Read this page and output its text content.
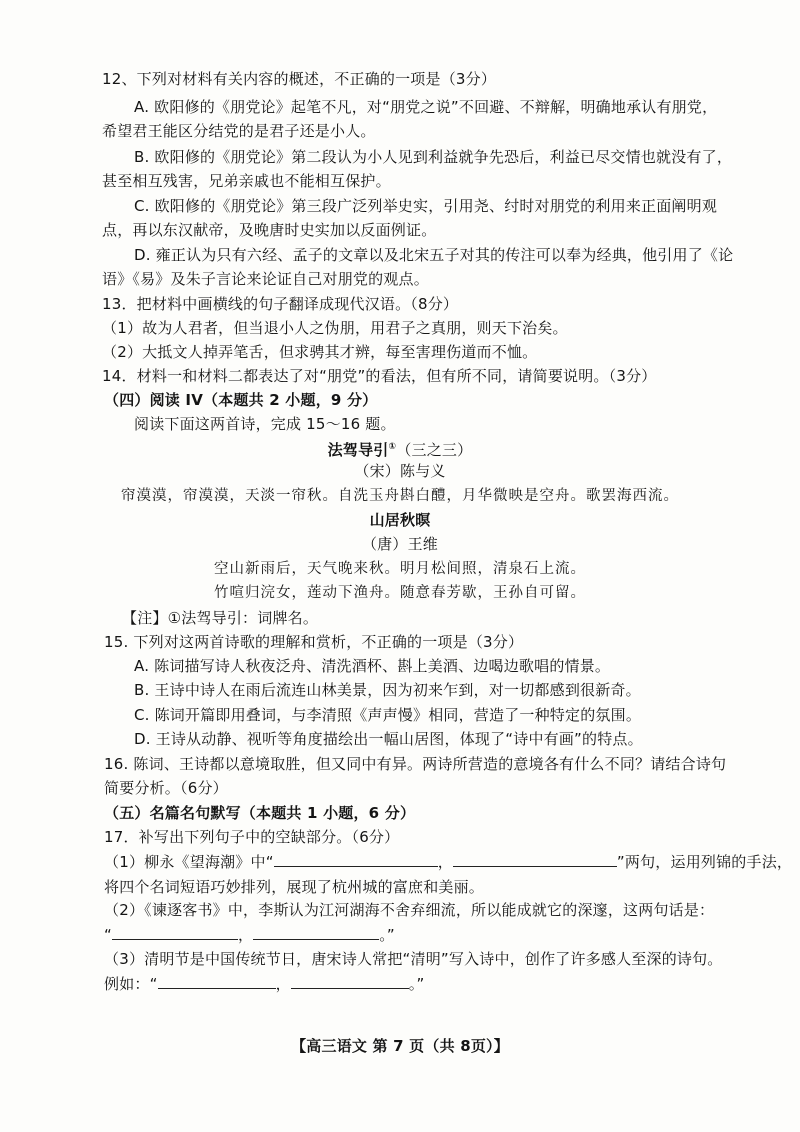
12、下列对材料有关内容的概述，不正确的一项是（3分）
A. 欧阳修的《朋党论》起笔不凡，对“朋党之说”不回避、不辩解，明确地承认有朋党，
希望君王能区分结党的是君子还是小人。
B. 欧阳修的《朋党论》第二段认为小人见到利益就争先恐后，利益已尽交情也就没有了，
甚至相互残害，兄弟亲戚也不能相互保护。
C. 欧阳修的《朋党论》第三段广泛列举史实，引用尧、纣时对朋党的利用来正面阐明观
点，再以东汉献帝，及晚唐时史实加以反面例证。
D. 雍正认为只有六经、孟子的文章以及北宋五子对其的传注可以奉为经典，他引用了《论
语》《易》及朱子言论来论证自己对朋党的观点。
13．把材料中画横线的句子翻译成现代汉语。（8分）
（1）故为人君者，但当退小人之伪朋，用君子之真朋，则天下治矣。
（2）大抵文人掉弄笔舌，但求骋其才辨，每至害理伤道而不恤。
14．材料一和材料二都表达了对“朋党”的看法，但有所不同，请简要说明。（3分）
（四）阅读 IV（本题共 2 小题，9 分）
阅读下面这两首诗，完成 15～16 题。
法驾导引①（三之三）
（宋）陈与义
帘漠漠，帘漠漠，天淡一帘秋。自洗玉舟斟白醴，月华微映是空舟。歌罢海西流。
山居秋暝
（唐）王维
空山新雨后，天气晚来秋。明月松间照，清泉石上流。
竹喧归浣女，莲动下渔舟。随意春芳歇，王孙自可留。
【注】①法驾导引：词牌名。
15. 下列对这两首诗歌的理解和赏析，不正确的一项是（3分）
A. 陈词描写诗人秋夜泛舟、清洗酒杯、斟上美酒、边喝边歌唱的情景。
B. 王诗中诗人在雨后流连山林美景，因为初来乍到，对一切都感到很新奇。
C. 陈词开篇即用叠词，与李清照《声声慢》相同，营造了一种特定的氛围。
D. 王诗从动静、视听等角度描绘出一幅山居图，体现了“诗中有画”的特点。
16. 陈词、王诗都以意境取胜，但又同中有异。两诗所营造的意境各有什么不同？请结合诗句
简要分析。（6分）
（五）名篇名句默写（本题共 1 小题，6 分）
17．补写出下列句子中的空缺部分。（6分）
（1）柳永《望海潮》中“	，	”两句，运用列锦的手法，
将四个名词短语巧妙排列，展现了杭州城的富庶和美丽。
（2）《谏逐客书》中，李斯认为江河湖海不舍弃细流，所以能成就它的深邃，这两句话是：
“	，	。”
（3）清明节是中国传统节日，唐宋诗人常把“清明”写入诗中，创作了许多感人至深的诗句。
例如：“	，	。”
【高三语文 第 7 页（共 8页）】
